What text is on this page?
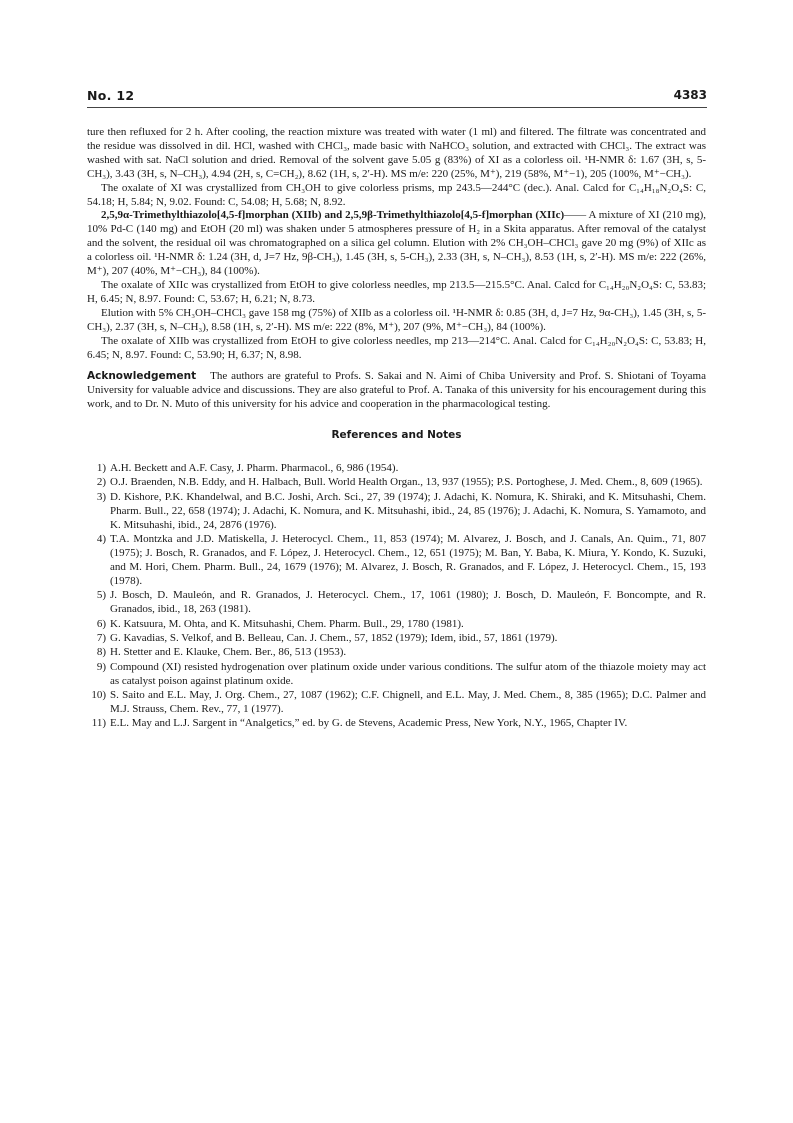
No. 12	4383

ture then refluxed for 2 h. After cooling, the reaction mixture was treated with water (1 ml) and filtered. The filtrate was concentrated and the residue was dissolved in dil. HCl, washed with CHCl₃, made basic with NaHCO₃ solution, and extracted with CHCl₃. The extract was washed with sat. NaCl solution and dried. Removal of the solvent gave 5.05 g (83%) of XI as a colorless oil. ¹H-NMR δ: 1.67 (3H, s, 5-CH₃), 3.43 (3H, s, N–CH₃), 4.94 (2H, s, C=CH₂), 8.62 (1H, s, 2′-H). MS m/e: 220 (25%, M⁺), 219 (58%, M⁺−1), 205 (100%, M⁺−CH₃).

The oxalate of XI was crystallized from CH₃OH to give colorless prisms, mp 243.5—244°C (dec.). Anal. Calcd for C₁₄H₁₈N₂O₄S: C, 54.18; H, 5.84; N, 9.02. Found: C, 54.08; H, 5.68; N, 8.92.

2,5,9α-Trimethylthiazolo[4,5-f]morphan (XIIb) and 2,5,9β-Trimethylthiazolo[4,5-f]morphan (XIIc)—— A mixture of XI (210 mg), 10% Pd-C (140 mg) and EtOH (20 ml) was shaken under 5 atmospheres pressure of H₂ in a Skita apparatus. After removal of the catalyst and the solvent, the residual oil was chromatographed on a silica gel column. Elution with 2% CH₃OH–CHCl₃ gave 20 mg (9%) of XIIc as a colorless oil. ¹H-NMR δ: 1.24 (3H, d, J=7 Hz, 9β-CH₃), 1.45 (3H, s, 5-CH₃), 2.33 (3H, s, N–CH₃), 8.53 (1H, s, 2′-H). MS m/e: 222 (26%, M⁺), 207 (40%, M⁺−CH₃), 84 (100%).

The oxalate of XIIc was crystallized from EtOH to give colorless needles, mp 213.5—215.5°C. Anal. Calcd for C₁₄H₂₀N₂O₄S: C, 53.83; H, 6.45; N, 8.97. Found: C, 53.67; H, 6.21; N, 8.73.

Elution with 5% CH₃OH–CHCl₃ gave 158 mg (75%) of XIIb as a colorless oil. ¹H-NMR δ: 0.85 (3H, d, J=7 Hz, 9α-CH₃), 1.45 (3H, s, 5-CH₃), 2.37 (3H, s, N–CH₃), 8.58 (1H, s, 2′-H). MS m/e: 222 (8%, M⁺), 207 (9%, M⁺−CH₃), 84 (100%).

The oxalate of XIIb was crystallized from EtOH to give colorless needles, mp 213—214°C. Anal. Calcd for C₁₄H₂₀N₂O₄S: C, 53.83; H, 6.45; N, 8.97. Found: C, 53.90; H, 6.37; N, 8.98.

Acknowledgement The authors are grateful to Profs. S. Sakai and N. Aimi of Chiba University and Prof. S. Shiotani of Toyama University for valuable advice and discussions. They are also grateful to Prof. A. Tanaka of this university for his encouragement during this work, and to Dr. N. Muto of this university for his advice and cooperation in the pharmacological testing.

References and Notes
1) A.H. Beckett and A.F. Casy, J. Pharm. Pharmacol., 6, 986 (1954).
2) O.J. Braenden, N.B. Eddy, and H. Halbach, Bull. World Health Organ., 13, 937 (1955); P.S. Portoghese, J. Med. Chem., 8, 609 (1965).
3) D. Kishore, P.K. Khandelwal, and B.C. Joshi, Arch. Sci., 27, 39 (1974); J. Adachi, K. Nomura, K. Shiraki, and K. Mitsuhashi, Chem. Pharm. Bull., 22, 658 (1974); J. Adachi, K. Nomura, and K. Mitsuhashi, ibid., 24, 85 (1976); J. Adachi, K. Nomura, S. Yamamoto, and K. Mitsuhashi, ibid., 24, 2876 (1976).
4) T.A. Montzka and J.D. Matiskella, J. Heterocycl. Chem., 11, 853 (1974); M. Alvarez, J. Bosch, and J. Canals, An. Quim., 71, 807 (1975); J. Bosch, R. Granados, and F. López, J. Heterocycl. Chem., 12, 651 (1975); M. Ban, Y. Baba, K. Miura, Y. Kondo, K. Suzuki, and M. Hori, Chem. Pharm. Bull., 24, 1679 (1976); M. Alvarez, J. Bosch, R. Granados, and F. López, J. Heterocycl. Chem., 15, 193 (1978).
5) J. Bosch, D. Mauleón, and R. Granados, J. Heterocycl. Chem., 17, 1061 (1980); J. Bosch, D. Mauleón, F. Boncompte, and R. Granados, ibid., 18, 263 (1981).
6) K. Katsuura, M. Ohta, and K. Mitsuhashi, Chem. Pharm. Bull., 29, 1780 (1981).
7) G. Kavadias, S. Velkof, and B. Belleau, Can. J. Chem., 57, 1852 (1979); Idem, ibid., 57, 1861 (1979).
8) H. Stetter and E. Klauke, Chem. Ber., 86, 513 (1953).
9) Compound (XI) resisted hydrogenation over platinum oxide under various conditions. The sulfur atom of the thiazole moiety may act as catalyst poison against platinum oxide.
10) S. Saito and E.L. May, J. Org. Chem., 27, 1087 (1962); C.F. Chignell, and E.L. May, J. Med. Chem., 8, 385 (1965); D.C. Palmer and M.J. Strauss, Chem. Rev., 77, 1 (1977).
11) E.L. May and L.J. Sargent in “Analgetics,” ed. by G. de Stevens, Academic Press, New York, N.Y., 1965, Chapter IV.
